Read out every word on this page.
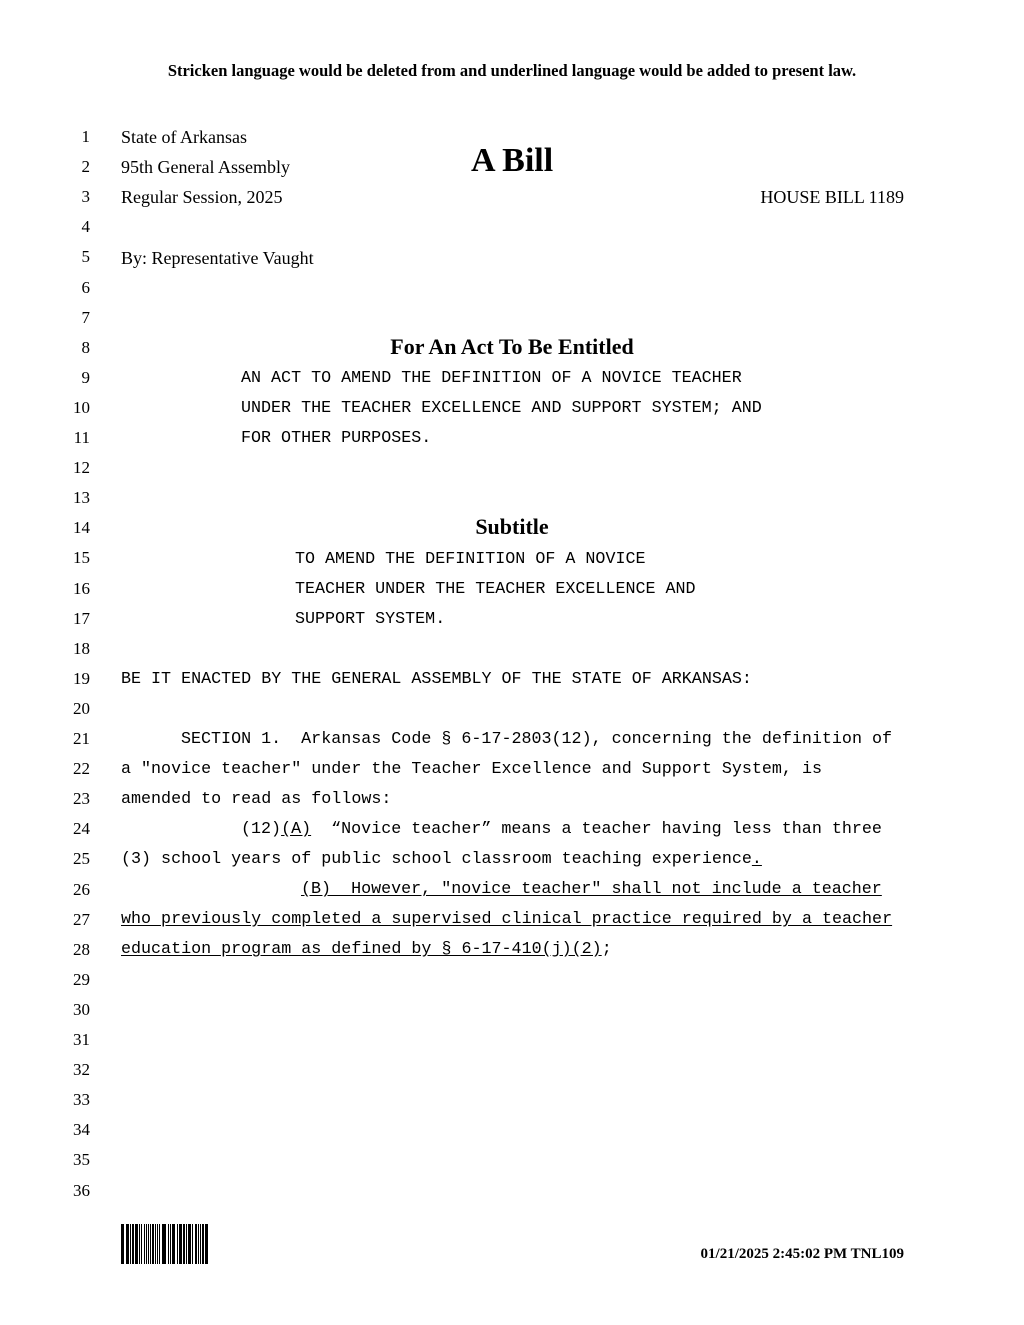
Stricken language would be deleted from and underlined language would be added to present law.
1
2
3
4
5
6
7
8
9
10
11
12
13
14
15
16
17
18
19
20
21
22
23
24
25
26
27
28
29
30
31
32
33
34
35
36
State of Arkansas
95th General Assembly
Regular Session, 2025
A Bill
HOUSE BILL 1189
By: Representative Vaught
For An Act To Be Entitled
AN ACT TO AMEND THE DEFINITION OF A NOVICE TEACHER
UNDER THE TEACHER EXCELLENCE AND SUPPORT SYSTEM; AND
FOR OTHER PURPOSES.
Subtitle
TO AMEND THE DEFINITION OF A NOVICE
TEACHER UNDER THE TEACHER EXCELLENCE AND
SUPPORT SYSTEM.
BE IT ENACTED BY THE GENERAL ASSEMBLY OF THE STATE OF ARKANSAS:
SECTION 1.  Arkansas Code § 6-17-2803(12), concerning the definition of
a "novice teacher" under the Teacher Excellence and Support System, is
amended to read as follows:
(12)(A)  “Novice teacher” means a teacher having less than three
(3) school years of public school classroom teaching experience.
(B)  However, "novice teacher" shall not include a teacher
who previously completed a supervised clinical practice required by a teacher
education program as defined by § 6-17-410(j)(2);
01/21/2025 2:45:02 PM TNL109
